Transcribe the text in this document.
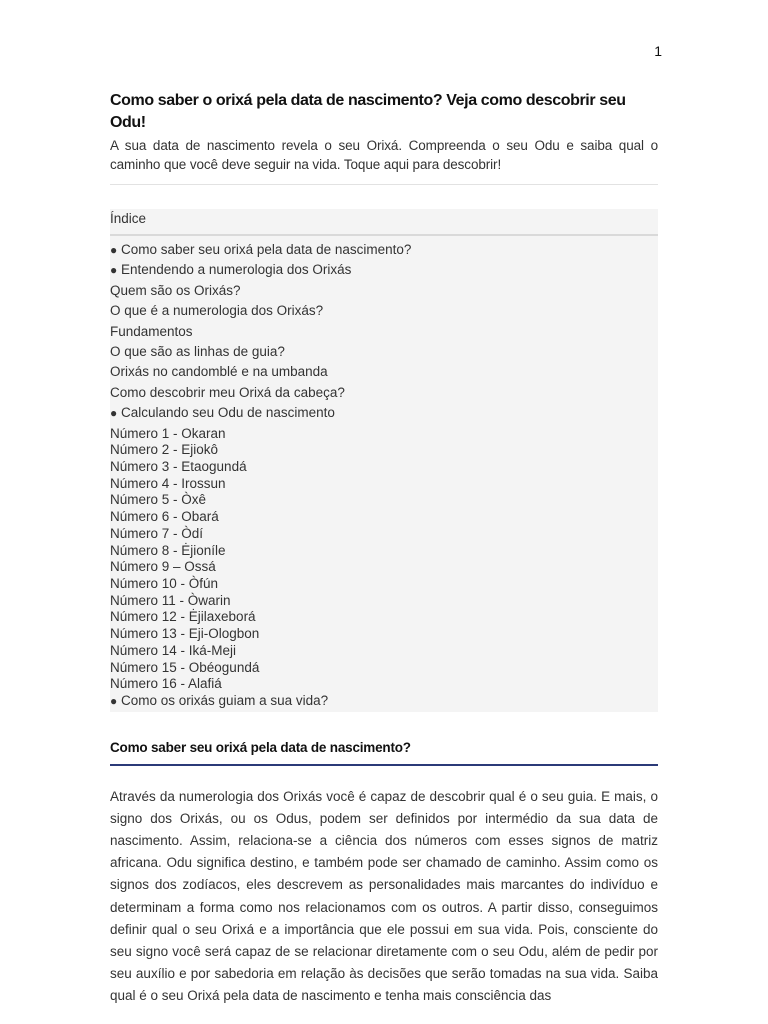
1
Como saber o orixá pela data de nascimento? Veja como descobrir seu Odu!

A sua data de nascimento revela o seu Orixá. Compreenda o seu Odu e saiba qual o caminho que você deve seguir na vida. Toque aqui para descobrir!

Índice
● Como saber seu orixá pela data de nascimento?
● Entendendo a numerologia dos Orixás
Quem são os Orixás?
O que é a numerologia dos Orixás?
Fundamentos
O que são as linhas de guia?
Orixás no candomblé e na umbanda
Como descobrir meu Orixá da cabeça?
● Calculando seu Odu de nascimento
Número 1 - Okaran
Número 2 - Ejiokô
Número 3 - Etaogundá
Número 4 - Irossun
Número 5 - Òxê
Número 6 - Obará
Número 7 - Òdí
Número 8 - Ėjioníle
Número 9 – Ossá
Número 10 - Òfún
Número 11 - Òwarin
Número 12 - Ėjilaxeborá
Número 13 - Eji-Ologbon
Número 14 - Iká-Meji
Número 15 - Obéogundá
Número 16 - Alafiá
● Como os orixás guiam a sua vida?
Como saber seu orixá pela data de nascimento?

Através da numerologia dos Orixás você é capaz de descobrir qual é o seu guia. E mais, o signo dos Orixás, ou os Odus, podem ser definidos por intermédio da sua data de nascimento. Assim, relaciona-se a ciência dos números com esses signos de matriz africana. Odu significa destino, e também pode ser chamado de caminho. Assim como os signos dos zodíacos, eles descrevem as personalidades mais marcantes do indivíduo e determinam a forma como nos relacionamos com os outros. A partir disso, conseguimos definir qual o seu Orixá e a importância que ele possui em sua vida. Pois, consciente do seu signo você será capaz de se relacionar diretamente com o seu Odu, além de pedir por seu auxílio e por sabedoria em relação às decisões que serão tomadas na sua vida. Saiba qual é o seu Orixá pela data de nascimento e tenha mais consciência das
